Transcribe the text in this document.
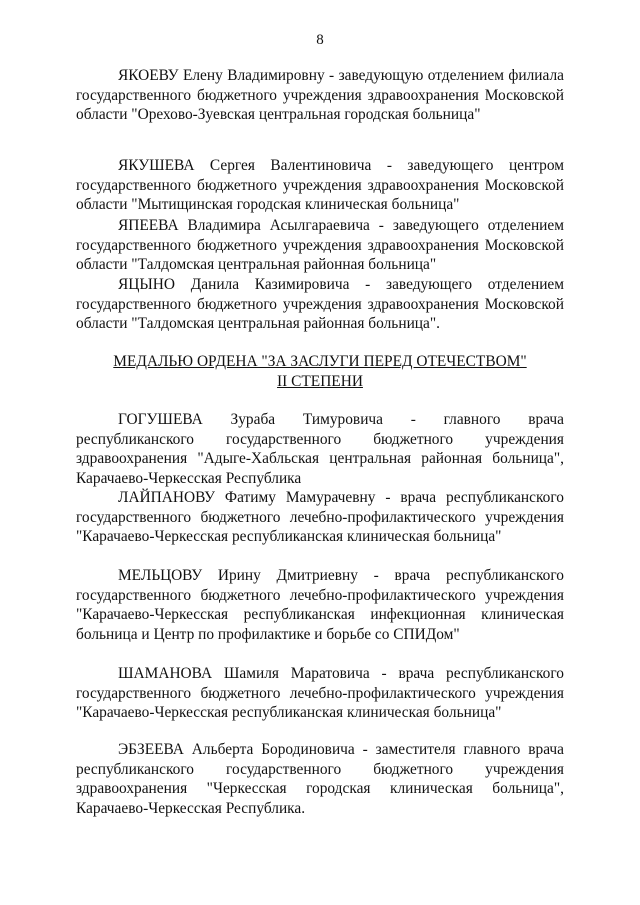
8
ЯКОЕВУ Елену Владимировну - заведующую отделением филиала государственного бюджетного учреждения здравоохранения Московской области "Орехово-Зуевская центральная городская больница"
ЯКУШЕВА Сергея Валентиновича - заведующего центром государственного бюджетного учреждения здравоохранения Московской области "Мытищинская городская клиническая больница"
ЯПЕЕВА Владимира Асылгараевича - заведующего отделением государственного бюджетного учреждения здравоохранения Московской области "Талдомская центральная районная больница"
ЯЦЫНО Данила Казимировича - заведующего отделением государственного бюджетного учреждения здравоохранения Московской области "Талдомская центральная районная больница".
МЕДАЛЬЮ ОРДЕНА "ЗА ЗАСЛУГИ ПЕРЕД ОТЕЧЕСТВОМ"
II СТЕПЕНИ
ГОГУШЕВА Зураба Тимуровича - главного врача республиканского государственного бюджетного учреждения здравоохранения "Адыге-Хабльская центральная районная больница", Карачаево-Черкесская Республика
ЛАЙПАНОВУ Фатиму Мамурачевну - врача республиканского государственного бюджетного лечебно-профилактического учреждения "Карачаево-Черкесская республиканская клиническая больница"
МЕЛЬЦОВУ Ирину Дмитриевну - врача республиканского государственного бюджетного лечебно-профилактического учреждения "Карачаево-Черкесская республиканская инфекционная клиническая больница и Центр по профилактике и борьбе со СПИДом"
ШАМАНОВА Шамиля Маратовича - врача республиканского государственного бюджетного лечебно-профилактического учреждения "Карачаево-Черкесская республиканская клиническая больница"
ЭБЗЕЕВА Альберта Бородиновича - заместителя главного врача республиканского государственного бюджетного учреждения здравоохранения "Черкесская городская клиническая больница", Карачаево-Черкесская Республика.
